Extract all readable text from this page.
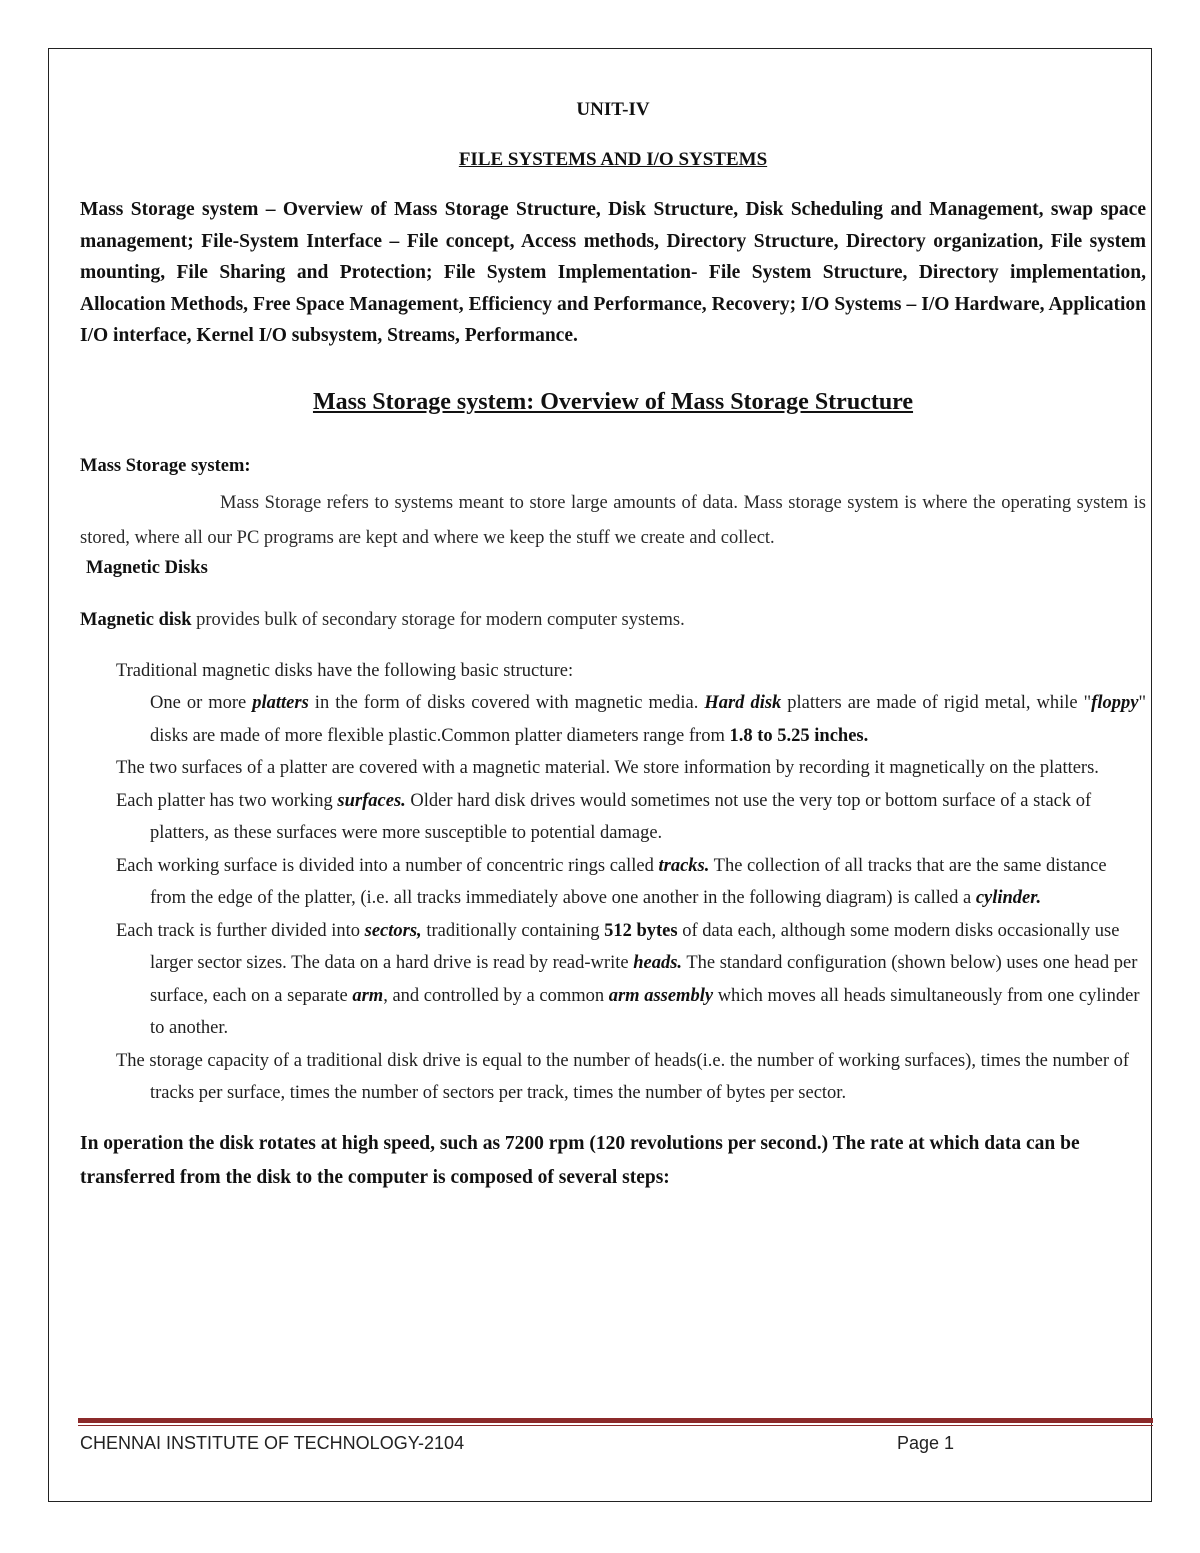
UNIT-IV

FILE SYSTEMS AND I/O SYSTEMS

Mass Storage system – Overview of Mass Storage Structure, Disk Structure, Disk Scheduling and Management, swap space management; File-System Interface – File concept, Access methods, Directory Structure, Directory organization, File system mounting, File Sharing and Protection; File System Implementation- File System Structure, Directory implementation, Allocation Methods, Free Space Management, Efficiency and Performance, Recovery; I/O Systems – I/O Hardware, Application I/O interface, Kernel I/O subsystem, Streams, Performance.

Mass Storage system: Overview of Mass Storage Structure

Mass Storage system:

Mass Storage refers to systems meant to store large amounts of data. Mass storage system is where the operating system is stored, where all our PC programs are kept and where we keep the stuff we create and collect.

Magnetic Disks

Magnetic disk provides bulk of secondary storage for modern computer systems.

Traditional magnetic disks have the following basic structure:
One or more platters in the form of disks covered with magnetic media. Hard disk platters are made of rigid metal, while "floppy" disks are made of more flexible plastic.Common platter diameters range from 1.8 to 5.25 inches.
The two surfaces of a platter are covered with a magnetic material. We store information by recording it magnetically on the platters.
Each platter has two working surfaces. Older hard disk drives would sometimes not use the very top or bottom surface of a stack of platters, as these surfaces were more susceptible to potential damage.
Each working surface is divided into a number of concentric rings called tracks. The collection of all tracks that are the same distance from the edge of the platter, (i.e. all tracks immediately above one another in the following diagram) is called a cylinder.
Each track is further divided into sectors, traditionally containing 512 bytes of data each, although some modern disks occasionally use larger sector sizes. The data on a hard drive is read by read-write heads. The standard configuration (shown below) uses one head per surface, each on a separate arm, and controlled by a common arm assembly which moves all heads simultaneously from one cylinder to another.
The storage capacity of a traditional disk drive is equal to the number of heads(i.e. the number of working surfaces), times the number of tracks per surface, times the number of sectors per track, times the number of bytes per sector.

In operation the disk rotates at high speed, such as 7200 rpm (120 revolutions per second.) The rate at which data can be transferred from the disk to the computer is composed of several steps:

CHENNAI INSTITUTE OF TECHNOLOGY-2104	Page 1
